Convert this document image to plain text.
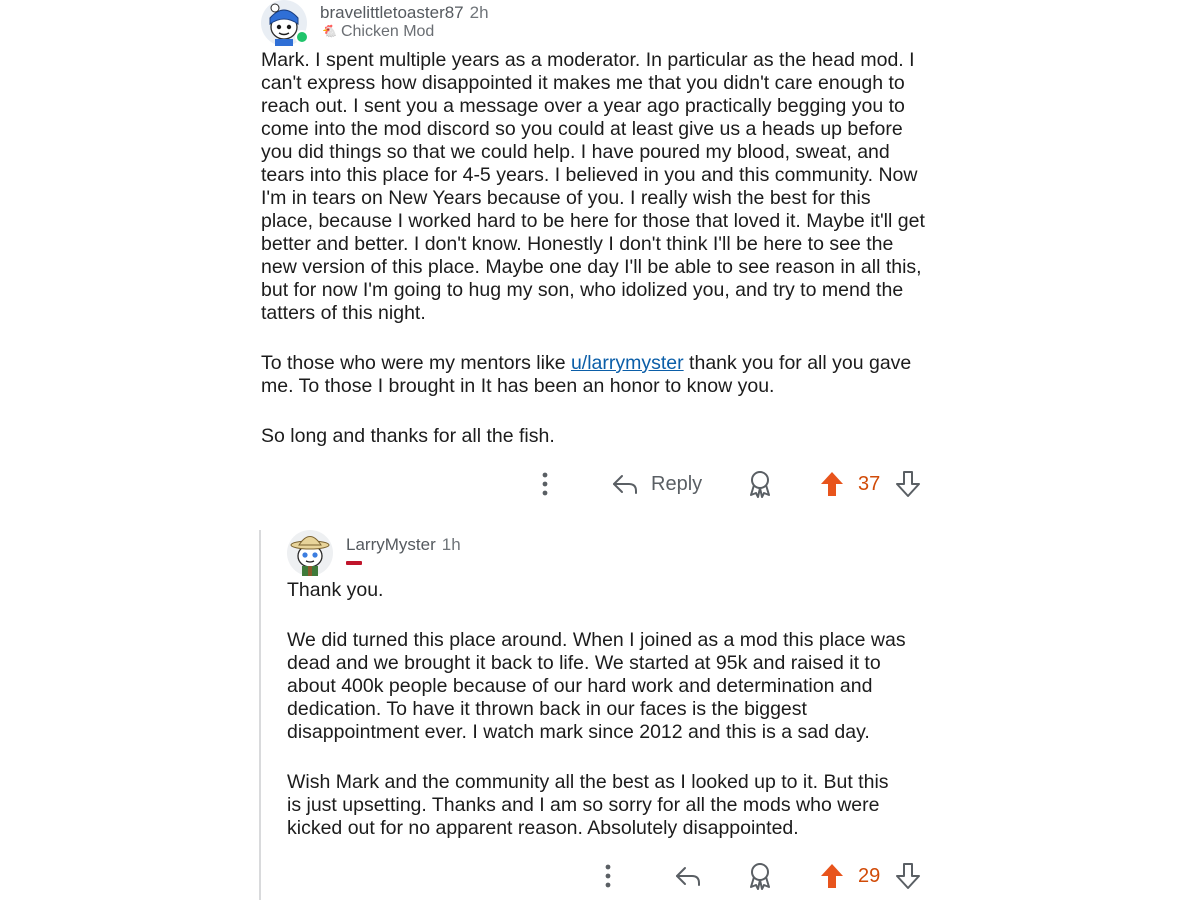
bravelittletoaster87 2h
🐔 Chicken Mod

Mark. I spent multiple years as a moderator. In particular as the head mod. I can't express how disappointed it makes me that you didn't care enough to reach out. I sent you a message over a year ago practically begging you to come into the mod discord so you could at least give us a heads up before you did things so that we could help. I have poured my blood, sweat, and tears into this place for 4-5 years. I believed in you and this community. Now I'm in tears on New Years because of you. I really wish the best for this place, because I worked hard to be here for those that loved it. Maybe it'll get better and better. I don't know. Honestly I don't think I'll be here to see the new version of this place. Maybe one day I'll be able to see reason in all this, but for now I'm going to hug my son, who idolized you, and try to mend the tatters of this night.

To those who were my mentors like u/larrymyster thank you for all you gave me. To those I brought in It has been an honor to know you.

So long and thanks for all the fish.

Reply	37
LarryMyster 1h

Thank you.

We did turned this place around. When I joined as a mod this place was dead and we brought it back to life. We started at 95k and raised it to about 400k people because of our hard work and determination and dedication. To have it thrown back in our faces is the biggest disappointment ever. I watch mark since 2012 and this is a sad day.

Wish Mark and the community all the best as I looked up to it. But this is just upsetting. Thanks and I am so sorry for all the mods who were kicked out for no apparent reason. Absolutely disappointed.

29
